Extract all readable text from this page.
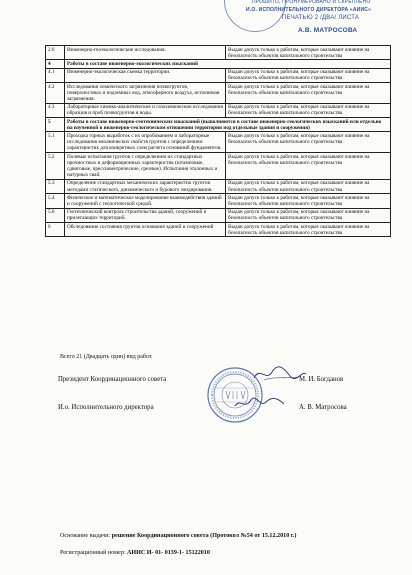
ПРОШИТО, ПРОНУМЕРОВАНО И СКРЕПЛЕНО
И.О. ИСПОЛНИТЕЛЬНОГО ДИРЕКТОРА «АИИС»
ПЕЧАТЬЮ 2 /ДВА/ ЛИСТА
А.В. МАТРОСОВА
2.6	Инженерно-геоэкологические исследования.	Выдан допуск только к работам, которые оказывают влияние на безопасность объектов капитального строительства
4	Работы в составе инженерно-экологических изысканий	
4.1	Инженерно-экологическая съемка территории.	Выдан допуск только к работам, которые оказывают влияние на безопасность объектов капитального строительства
4.2	Исследования химического загрязнения почвогрунтов, поверхностных и подземных вод, атмосферного воздуха, источников загрязнения.	Выдан допуск только к работам, которые оказывают влияние на безопасность объектов капитального строительства
4.3	Лабораторные химико-аналитические и газохимические исследования образцов и проб почвогрунтов и воды.	Выдан допуск только к работам, которые оказывают влияние на безопасность объектов капитального строительства
5	Работы в составе инженерно-геотехнических изысканий (выполняются в составе инженерно-геологических изысканий или отдельно на изученной в инженерно-геологическом отношении территории под отдельные здания и сооружения)	
5.1	Проходка горных выработок с их опробованием и лабораторные исследования механических свойств грунтов с определением характеристик для конкретных схем расчета оснований фундаментов.	Выдан допуск только к работам, которые оказывают влияние на безопасность объектов капитального строительства
5.2	Полевые испытания грунтов с определением их стандартных прочностных и деформационных характеристик (штамповые, сдвиговые, прессиометрические, срезные). Испытания эталонных и натурных свай.	Выдан допуск только к работам, которые оказывают влияние на безопасность объектов капитального строительства
5.3	Определение стандартных механических характеристик грунтов методами статического, динамического и бурового зондирования.	Выдан допуск только к работам, которые оказывают влияние на безопасность объектов капитального строительства
5.4	Физическое и математическое моделирование взаимодействия зданий и сооружений с геологической средой.	Выдан допуск только к работам, которые оказывают влияние на безопасность объектов капитального строительства
5.6	Геотехнический контроль строительства зданий, сооружений и прилегающих территорий.	Выдан допуск только к работам, которые оказывают влияние на безопасность объектов капитального строительства
6	Обследование состояния грунтов основания зданий и сооружений	Выдан допуск только к работам, которые оказывают влияние на безопасность объектов капитального строительства
Всего 21 (Двадцать один) вид работ.
Президент Координационного совета	М. И. Богданов
И.о. Исполнительного директора	А. В. Матросова
Основание выдачи: решение Координационного совета (Протокол №54 от 15.12.2010 г.)
Регистрационный номер: АИИС И- 01- 0139-1- 15122010
